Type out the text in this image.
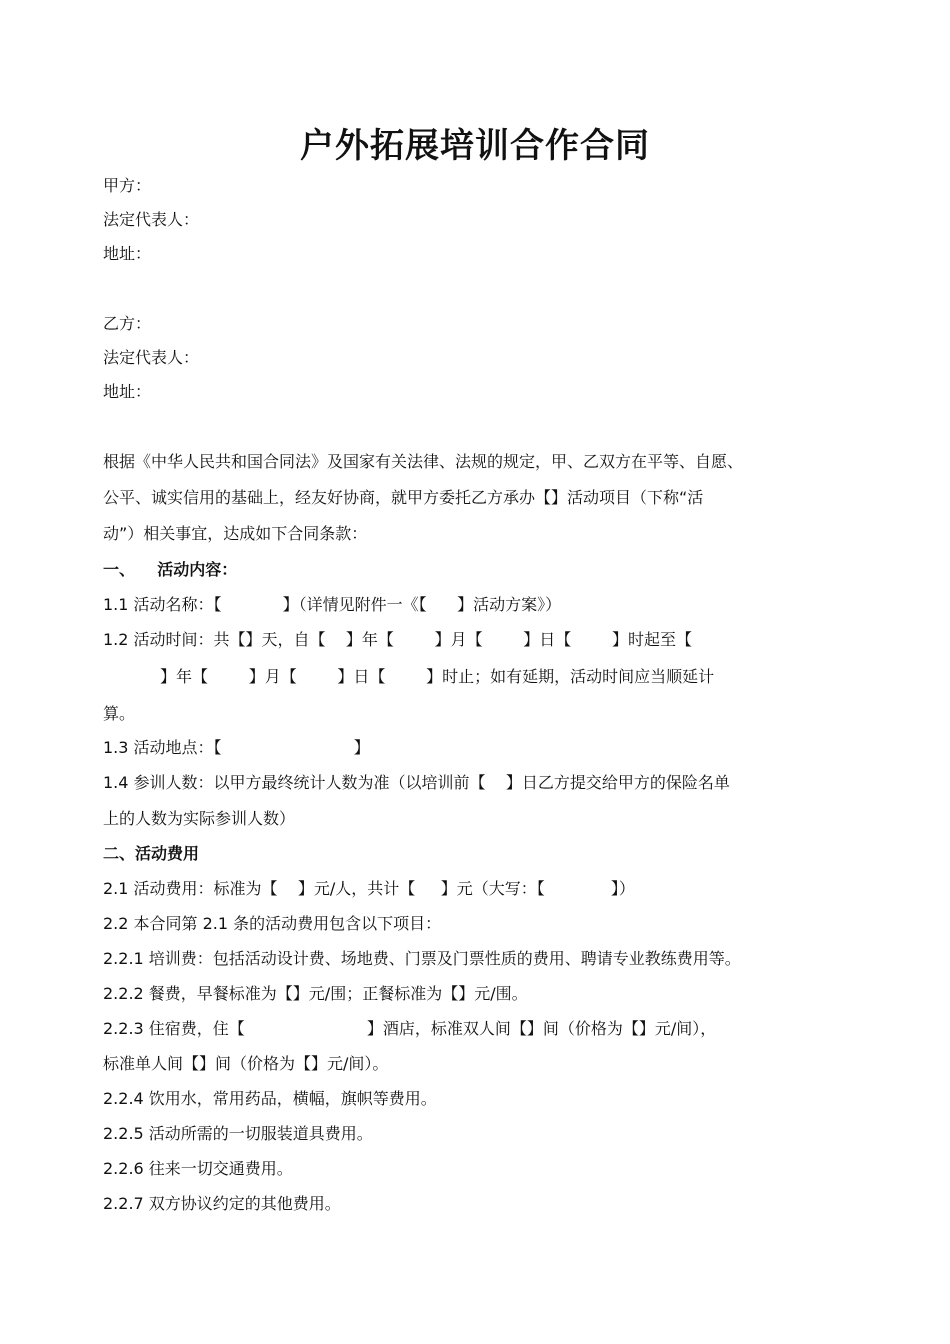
户外拓展培训合作合同

甲方：

法定代表人：

地址：

乙方：

法定代表人：

地址：

根据《中华人民共和国合同法》及国家有关法律、法规的规定，甲、乙双方在平等、自愿、

公平、诚实信用的基础上，经友好协商，就甲方委托乙方承办【】活动项目（下称“活

动”）相关事宜，达成如下合同条款：

一、    活动内容：

1.1 活动名称：【            】（详情见附件一《【      】活动方案》）

1.2 活动时间：共【】天，自【    】年【        】月【        】日【        】时起至【

】年【        】月【        】日【        】时止；如有延期，活动时间应当顺延计

算。

1.3 活动地点：【                          】

1.4 参训人数：以甲方最终统计人数为准（以培训前【    】日乙方提交给甲方的保险名单

上的人数为实际参训人数）

二、活动费用

2.1 活动费用：标准为【    】元/人，共计【     】元（大写：【             】）

2.2 本合同第 2.1 条的活动费用包含以下项目：

2.2.1 培训费：包括活动设计费、场地费、门票及门票性质的费用、聘请专业教练费用等。

2.2.2 餐费，早餐标准为【】元/围；正餐标准为【】元/围。

2.2.3 住宿费，住【                        】酒店，标准双人间【】间（价格为【】元/间），

标准单人间【】间（价格为【】元/间）。

2.2.4 饮用水，常用药品，横幅，旗帜等费用。

2.2.5 活动所需的一切服装道具费用。

2.2.6 往来一切交通费用。

2.2.7 双方协议约定的其他费用。
